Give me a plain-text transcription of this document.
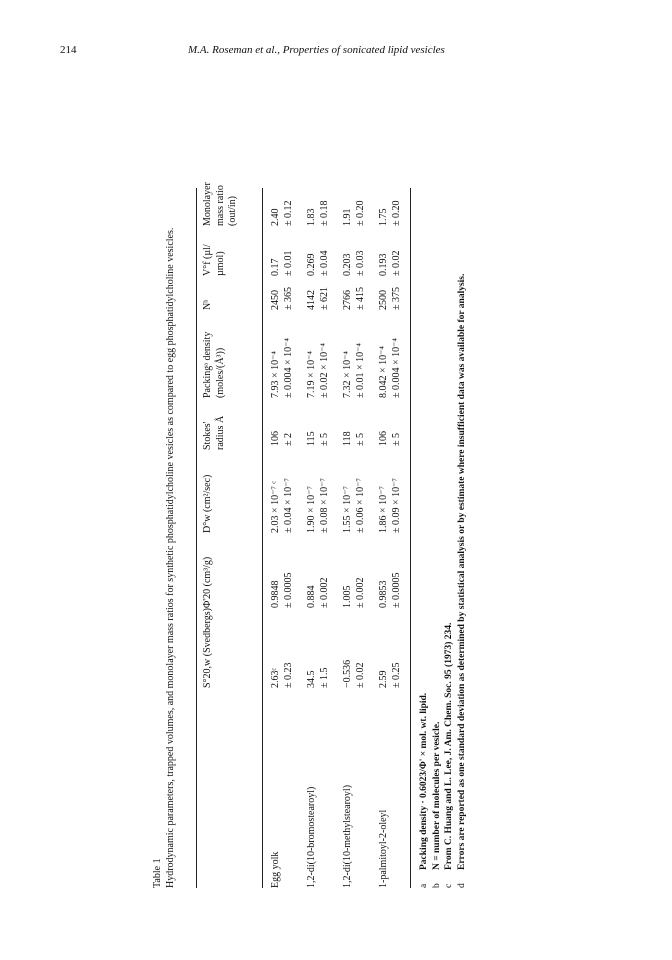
214	M.A. Roseman et al., Properties of sonicated lipid vesicles
Table 1 Hydrodynamic parameters, trapped volumes, and monolayer mass ratios for synthetic phosphatidylcholine vesicles as compared to egg phosphatidylcholine vesicles.	S°20,w (Svedbergs)
Φ'20 (cm³/g)
D°w (cm²/sec)
Stokes' radius Å
Packingᵃ density (moles/(Å³))
Nᵇ
V°f (µl/µmol)
Monolayer mass ratio (out/in)
Egg yolk
2.63ᶜ ± 0.23
0.9848 ± 0.0005
2.03 × 10⁻⁷ ᶜ ± 0.04 × 10⁻⁷
106 ± 2
7.93 × 10⁻⁴ ± 0.004 × 10⁻⁴
2450 ± 365
0.17 ± 0.01
2.40 ± 0.12
1,2-di(10-bromostearoyl)
34.5 ± 1.5
0.884 ± 0.002
1.90 × 10⁻⁷ ± 0.08 × 10⁻⁷
115 ± 5
7.19 × 10⁻⁴ ± 0.02 × 10⁻⁴
4142 ± 621
0.269 ± 0.04
1.83 ± 0.18
1,2-di(10-methylstearoyl)
−0.536 ± 0.02
1.005 ± 0.002
1.55 × 10⁻⁷ ± 0.06 × 10⁻⁷
118 ± 5
7.32 × 10⁻⁴ ± 0.01 × 10⁻⁴
2766 ± 415
0.203 ± 0.03
1.91 ± 0.20
1-palmitoyl-2-oleyl
2.59 ± 0.25
0.9853 ± 0.0005
1.86 × 10⁻⁷ ± 0.09 × 10⁻⁷
106 ± 5
8.042 × 10⁻⁴ ± 0.004 × 10⁻⁴
2500 ± 375
0.193 ± 0.02
1.75 ± 0.20
a
Packing density · 0.6023/Φ' × mol. wt. lipid.
b
N = number of molecules per vesicle.
c
From C. Huang and L. Lee, J. Am. Chem. Soc. 95 (1973) 234.
d
Errors are reported as one standard deviation as determined by statistical analysis or by estimate where insufficient data was available for analysis.
